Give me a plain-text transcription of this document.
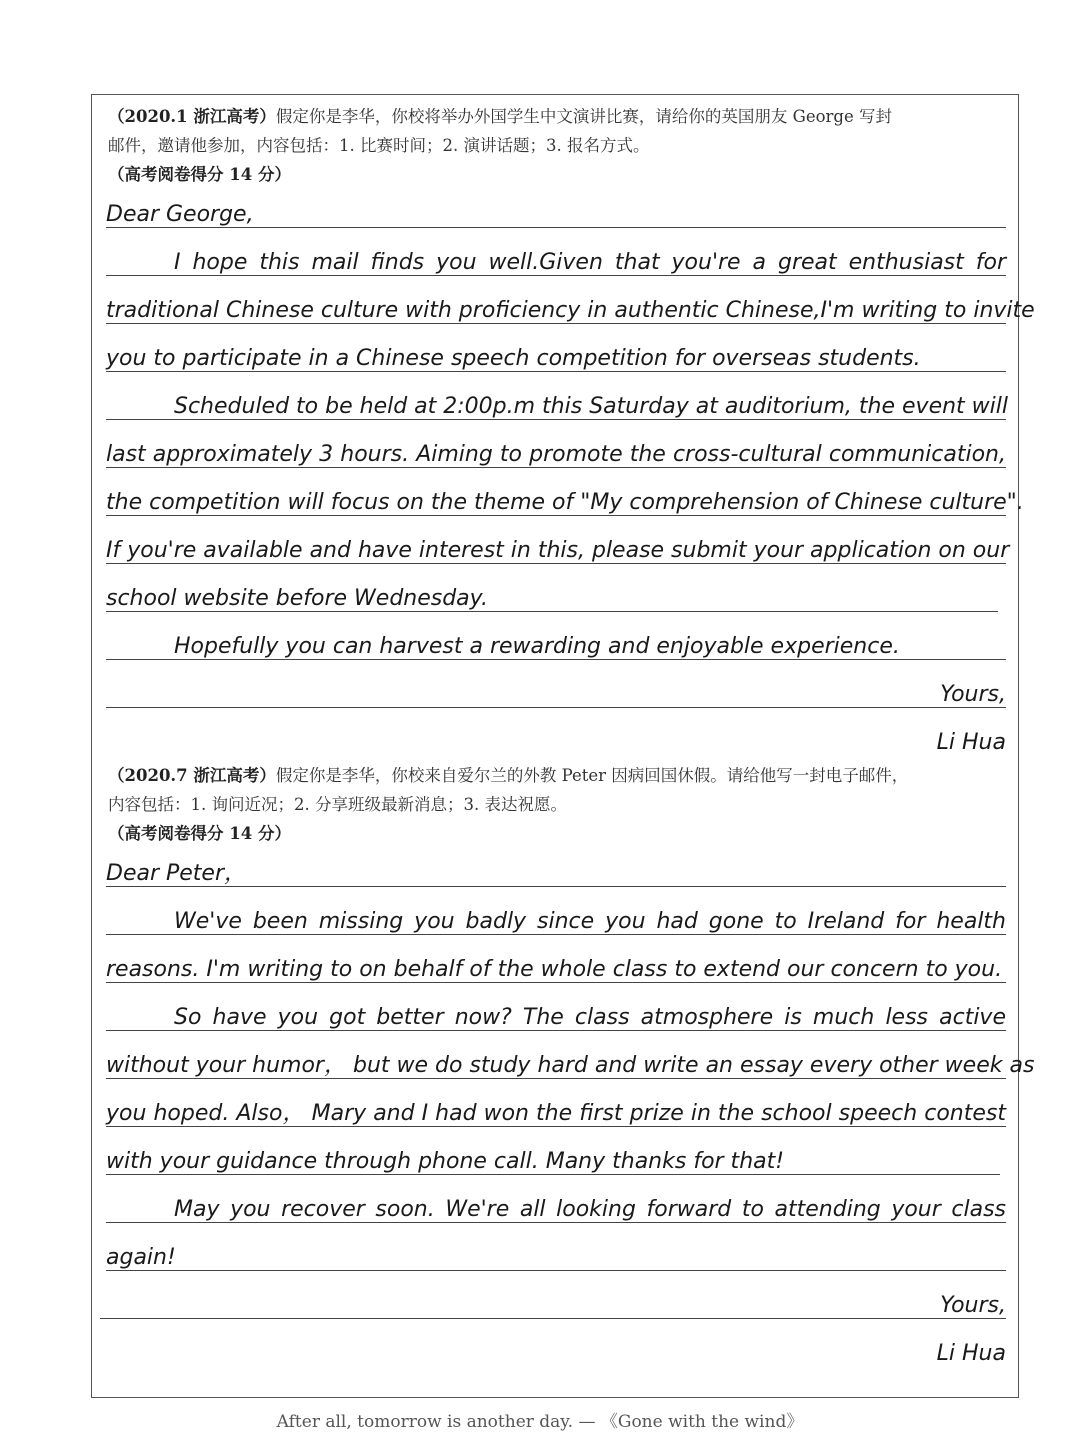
（2020.1 浙江高考）假定你是李华，你校将举办外国学生中文演讲比赛，请给你的英国朋友 George 写封
邮件，邀请他参加，内容包括：1. 比赛时间；2. 演讲话题；3. 报名方式。
（高考阅卷得分 14 分）
Dear George,
I hope this mail finds you well.Given that you're a great enthusiast for
traditional Chinese culture with proficiency in authentic Chinese,I'm writing to invite
you to participate in a Chinese speech competition for overseas students.
Scheduled to be held at 2:00p.m this Saturday at auditorium, the event will
last approximately 3 hours. Aiming to promote the cross-cultural communication,
the competition will focus on the theme of "My comprehension of Chinese culture".
If you're available and have interest in this, please submit your application on our
school website before Wednesday.
Hopefully you can harvest a rewarding and enjoyable experience.
Yours,
Li Hua
（2020.7 浙江高考）假定你是李华，你校来自爱尔兰的外教 Peter 因病回国休假。请给他写一封电子邮件，
内容包括：1. 询问近况；2. 分享班级最新消息；3. 表达祝愿。
（高考阅卷得分 14 分）
Dear Peter，
We've been missing you badly since you had gone to Ireland for health
reasons. I'm writing to on behalf of the whole class to extend our concern to you.
So have you got better now? The class atmosphere is much less active
without your humor， but we do study hard and write an essay every other week as
you hoped. Also， Mary and I had won the first prize in the school speech contest
with your guidance through phone call. Many thanks for that!
May you recover soon. We're all looking forward to attending your class
again!
Yours,
Li Hua
After all, tomorrow is another day. — 《Gone with the wind》
